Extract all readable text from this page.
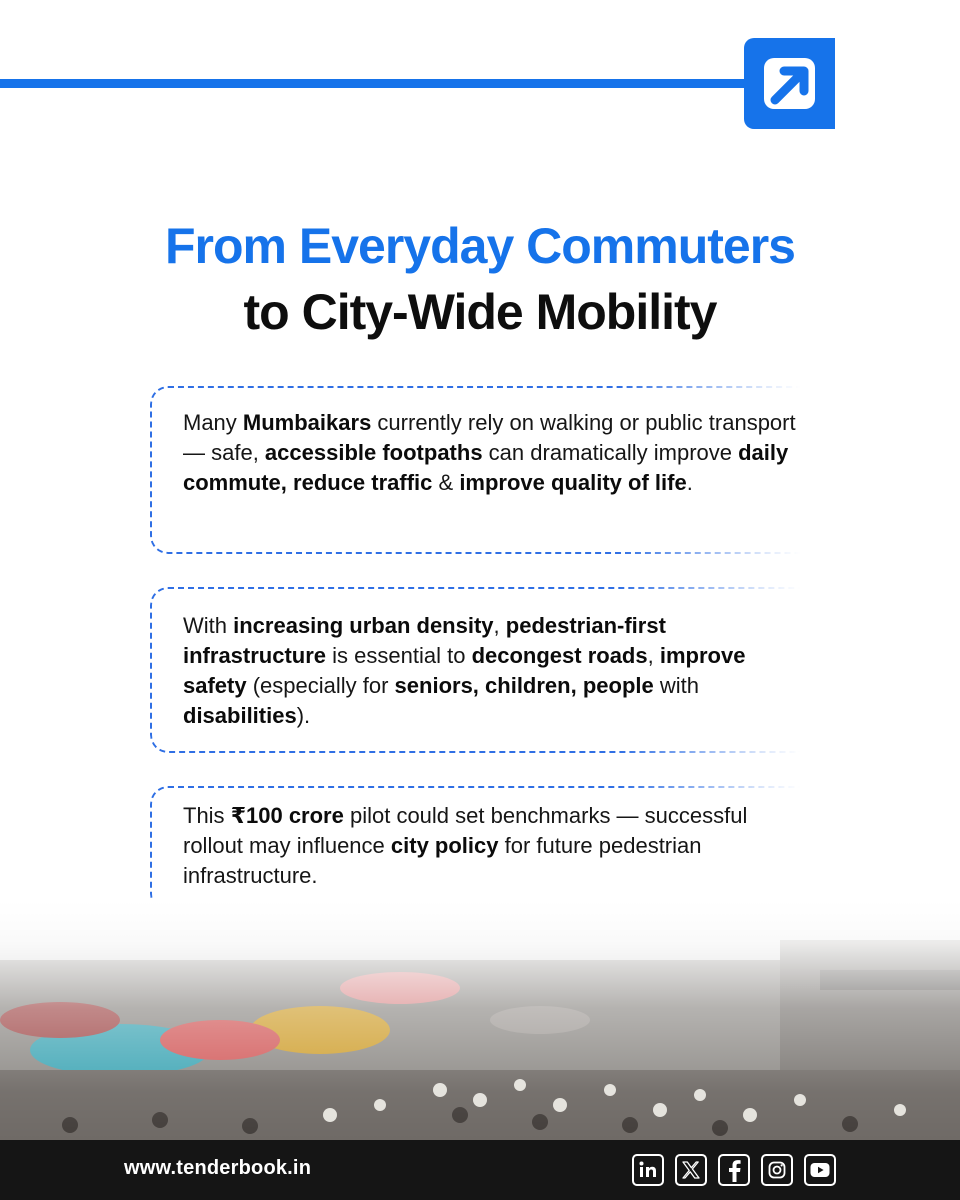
From Everyday Commuters
to City-Wide Mobility

Many Mumbaikars currently rely on walking or public transport — safe, accessible footpaths can dramatically improve daily commute, reduce traffic & improve quality of life.

With increasing urban density, pedestrian-first infrastructure is essential to decongest roads, improve safety (especially for seniors, children, people with disabilities).

This ₹100 crore pilot could set benchmarks — successful rollout may influence city policy for future pedestrian infrastructure.

www.tenderbook.in
